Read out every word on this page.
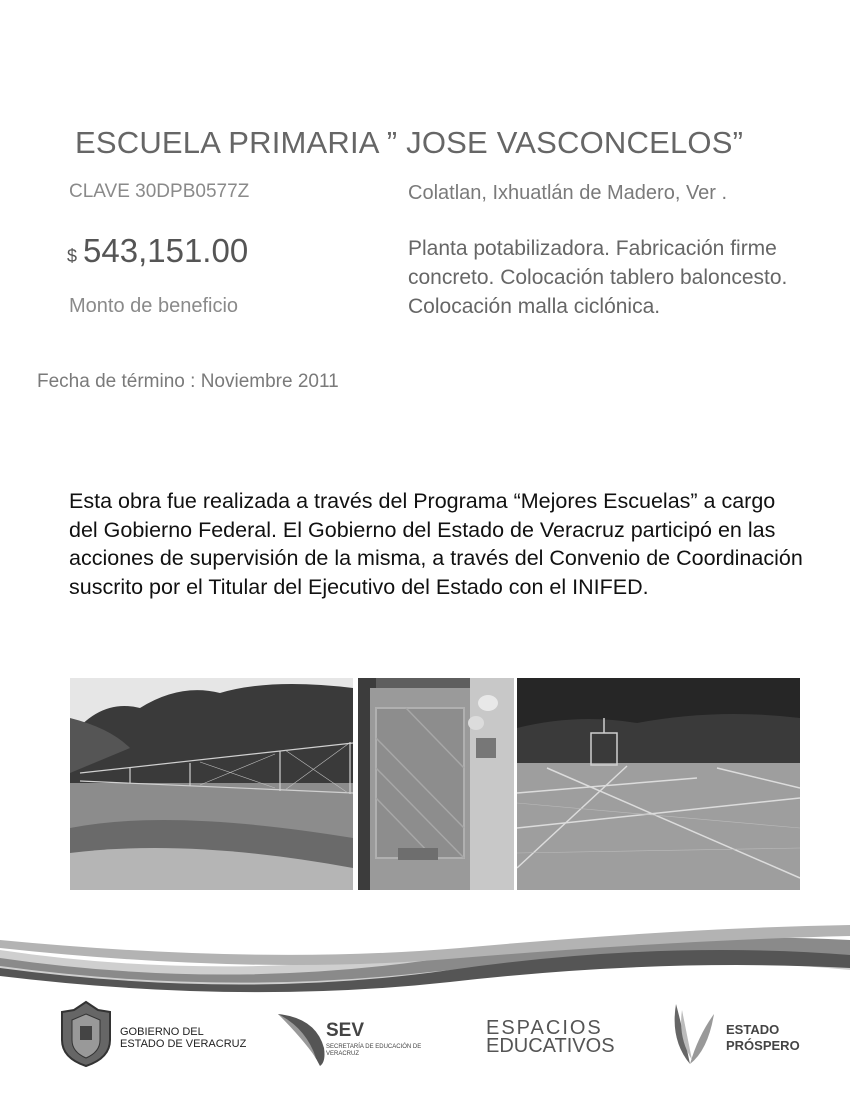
ESCUELA PRIMARIA ” JOSE VASCONCELOS”
CLAVE 30DPB0577Z	Colatlan, Ixhuatlán de Madero, Ver .
$ 543,151.00
Monto de beneficio
Planta potabilizadora. Fabricación firme concreto. Colocación tablero baloncesto. Colocación malla ciclónica.
Fecha de término : Noviembre 2011
Esta obra fue realizada a través del Programa “Mejores Escuelas” a cargo del Gobierno Federal. El Gobierno del Estado de Veracruz participó en las acciones de supervisión de la misma, a través del Convenio de Coordinación suscrito por el Titular del Ejecutivo del Estado con el INIFED.
GOBIERNO DEL ESTADO DE VERACRUZ
SEV
SECRETARÍA DE EDUCACIÓN DE VERACRUZ
ESPACIOS
EDUCATIVOS
ESTADO
PRÓSPERO
